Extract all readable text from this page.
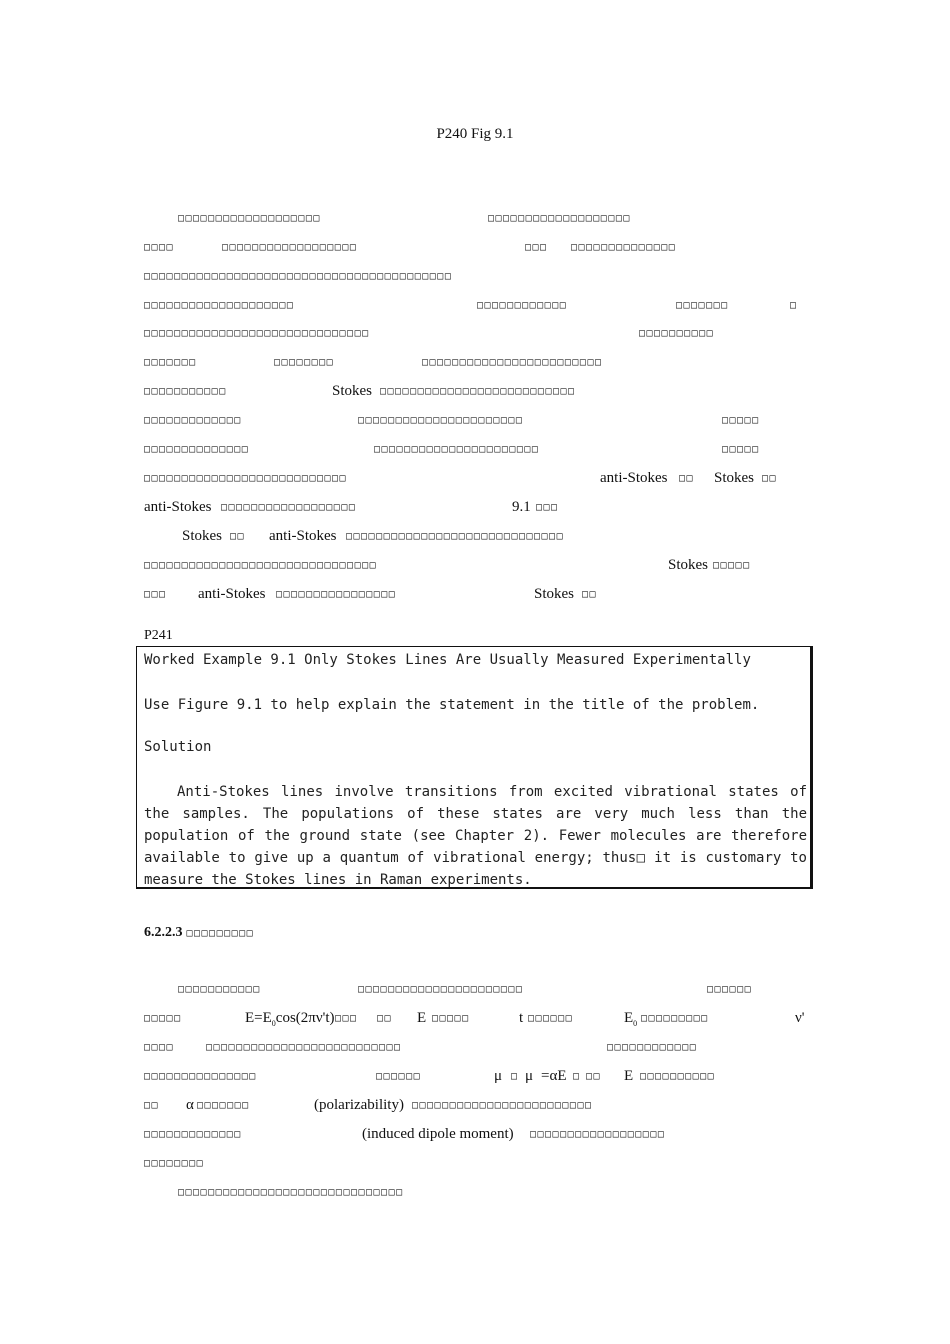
P240 Fig 9.1
□□□□□□□□□□□□□□□□□□□	□□□□□□□□□□□□□□□□□□□
□□□□	□□□□□□□□□□□□□□□□□□	□□□ □□□□□□□□□□□□□□
□□□□□□□□□□□□□□□□□□□□□□□□□□□□□□□□□□□□□□□□□
□□□□□□□□□□□□□□□□□□□□	□□□□□□□□□□□□	□□□□□□□	□
□□□□□□□□□□□□□□□□□□□□□□□□□□□□□□	□□□□□□□□□□
□□□□□□□	□□□□□□□□	□□□□□□□□□□□□□□□□□□□□□□□□
□□□□□□□□□□□	Stokes □□□□□□□□□□□□□□□□□□□□□□□□□□
□□□□□□□□□□□□□	□□□□□□□□□□□□□□□□□□□□□□	□□□□□
□□□□□□□□□□□□□□	□□□□□□□□□□□□□□□□□□□□□□	□□□□□
□□□□□□□□□□□□□□□□□□□□□□□□□□□	anti-Stokes □□ Stokes □□
anti-Stokes □□□□□□□□□□□□□□□□□□	9.1 □□□
Stokes □□ anti-Stokes □□□□□□□□□□□□□□□□□□□□□□□□□□□□□
□□□□□□□□□□□□□□□□□□□□□□□□□□□□□□□	Stokes □□□□□
□□□ anti-Stokes □□□□□□□□□□□□□□□□	Stokes □□
P241
Worked Example 9.1 Only Stokes Lines Are Usually Measured Experimentally
Use Figure 9.1 to help explain the statement in the title of the problem.
Solution
Anti-Stokes lines involve transitions from excited vibrational states of the samples. The populations of these states are very much less than the population of the ground state (see Chapter 2). Fewer molecules are therefore available to give up a quantum of vibrational energy; thus□ it is customary to measure the Stokes lines in Raman experiments.
6.2.2.3 □□□□□□□□□
□□□□□□□□□□□	□□□□□□□□□□□□□□□□□□□□□□	□□□□□□
□□□□□	$E=E_0\cos(2\pi\nu't)$ □□□ □□ E □□□□□	t □□□□□□	$E_0$ □□□□□□□□□	ν'
□□□□	□□□□□□□□□□□□□□□□□□□□□□□□□□	□□□□□□□□□□□□
□□□□□□□□□□□□□□□	□□□□□□	μ □ μ =αE □ □□ E □□□□□□□□□□
□□ α □□□□□□□	(polarizability) □□□□□□□□□□□□□□□□□□□□□□□□
□□□□□□□□□□□□□	(induced dipole moment) □□□□□□□□□□□□□□□□□□
□□□□□□□□
□□□□□□□□□□□□□□□□□□□□□□□□□□□□□□
